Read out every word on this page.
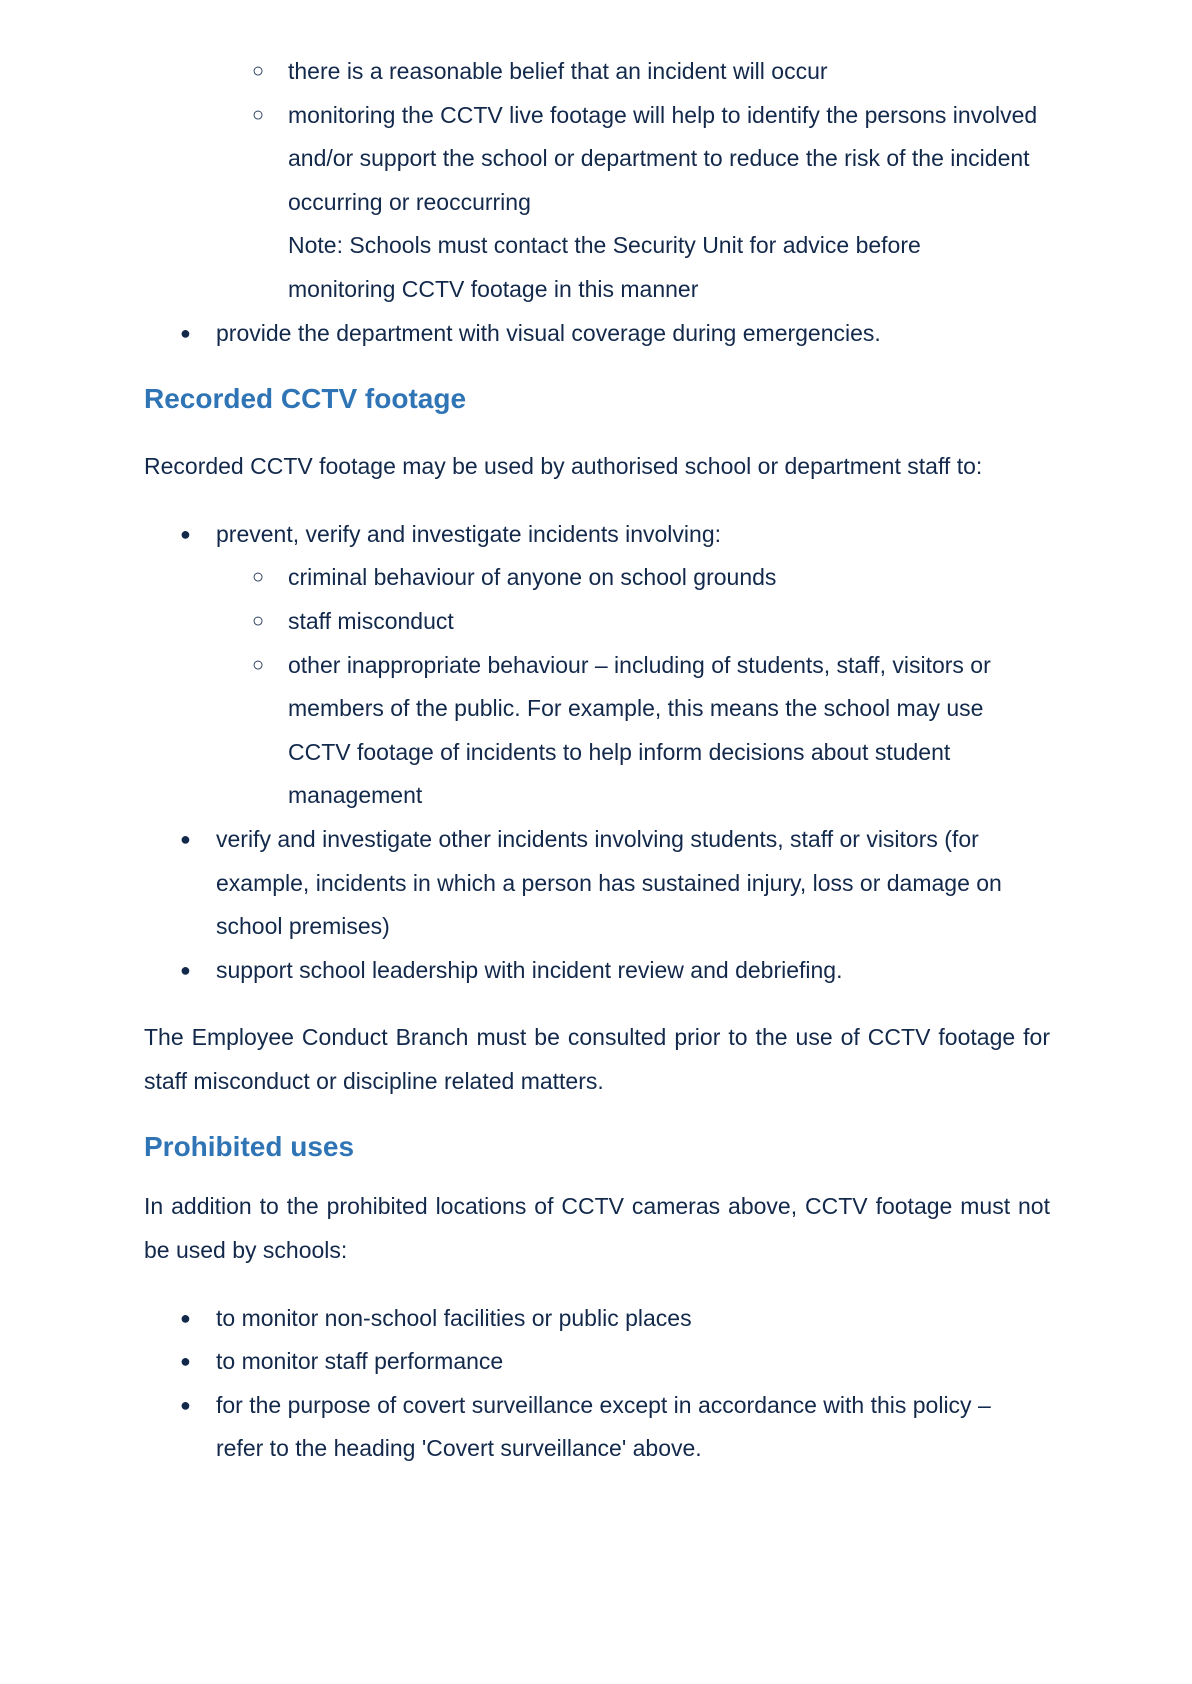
○ there is a reasonable belief that an incident will occur
○ monitoring the CCTV live footage will help to identify the persons involved and/or support the school or department to reduce the risk of the incident occurring or reoccurring
Note: Schools must contact the Security Unit for advice before monitoring CCTV footage in this manner
● provide the department with visual coverage during emergencies.
Recorded CCTV footage
Recorded CCTV footage may be used by authorised school or department staff to:
● prevent, verify and investigate incidents involving:
○ criminal behaviour of anyone on school grounds
○ staff misconduct
○ other inappropriate behaviour – including of students, staff, visitors or members of the public. For example, this means the school may use CCTV footage of incidents to help inform decisions about student management
● verify and investigate other incidents involving students, staff or visitors (for example, incidents in which a person has sustained injury, loss or damage on school premises)
● support school leadership with incident review and debriefing.
The Employee Conduct Branch must be consulted prior to the use of CCTV footage for staff misconduct or discipline related matters.
Prohibited uses
In addition to the prohibited locations of CCTV cameras above, CCTV footage must not be used by schools:
● to monitor non-school facilities or public places
● to monitor staff performance
● for the purpose of covert surveillance except in accordance with this policy – refer to the heading 'Covert surveillance' above.
